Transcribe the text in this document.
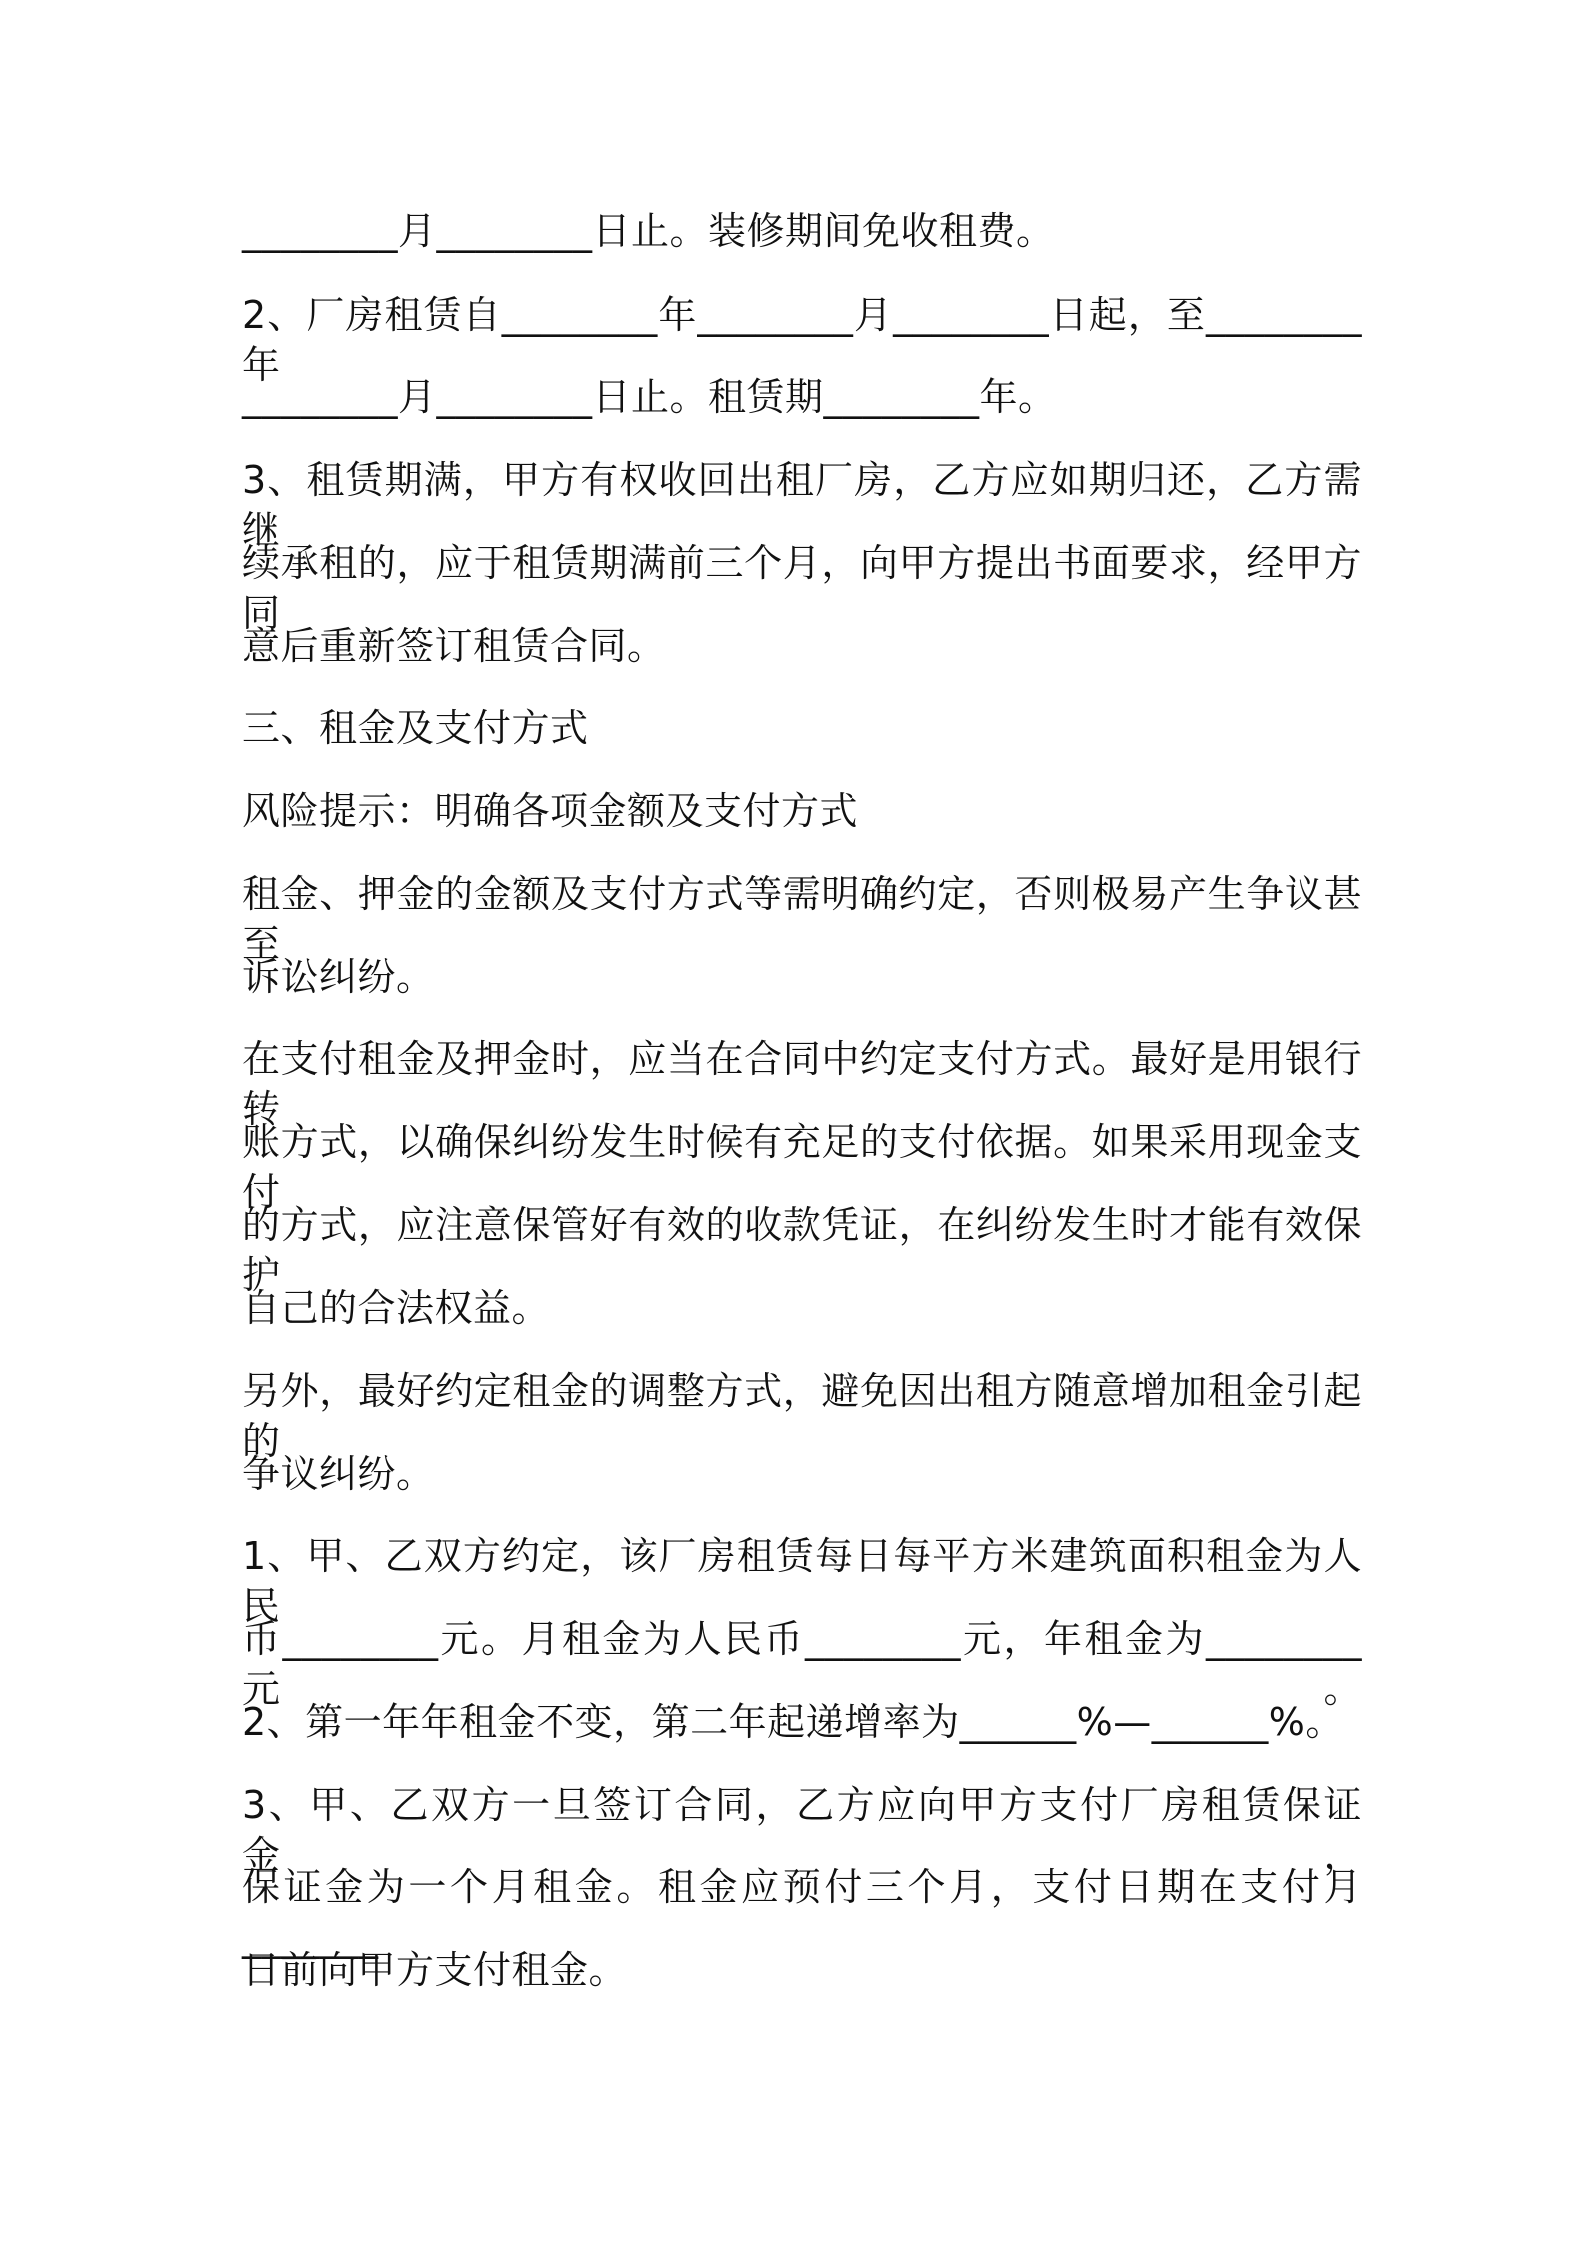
________月________日止。装修期间免收租费。
2、厂房租赁自________年________月________日起，至________年
________月________日止。租赁期________年。
3、租赁期满，甲方有权收回出租厂房，乙方应如期归还，乙方需继
续承租的，应于租赁期满前三个月，向甲方提出书面要求，经甲方同
意后重新签订租赁合同。
三、租金及支付方式
风险提示：明确各项金额及支付方式
租金、押金的金额及支付方式等需明确约定，否则极易产生争议甚至
诉讼纠纷。
在支付租金及押金时，应当在合同中约定支付方式。最好是用银行转
账方式，以确保纠纷发生时候有充足的支付依据。如果采用现金支付
的方式，应注意保管好有效的收款凭证，在纠纷发生时才能有效保护
自己的合法权益。
另外，最好约定租金的调整方式，避免因出租方随意增加租金引起的
争议纠纷。
1、甲、乙双方约定，该厂房租赁每日每平方米建筑面积租金为人民
币________元。月租金为人民币________元，年租金为________元。
2、第一年年租金不变，第二年起递增率为______%—______%。
3、甲、乙双方一旦签订合同，乙方应向甲方支付厂房租赁保证金，
保证金为一个月租金。租金应预付三个月，支付日期在支付月_______
日前向甲方支付租金。
